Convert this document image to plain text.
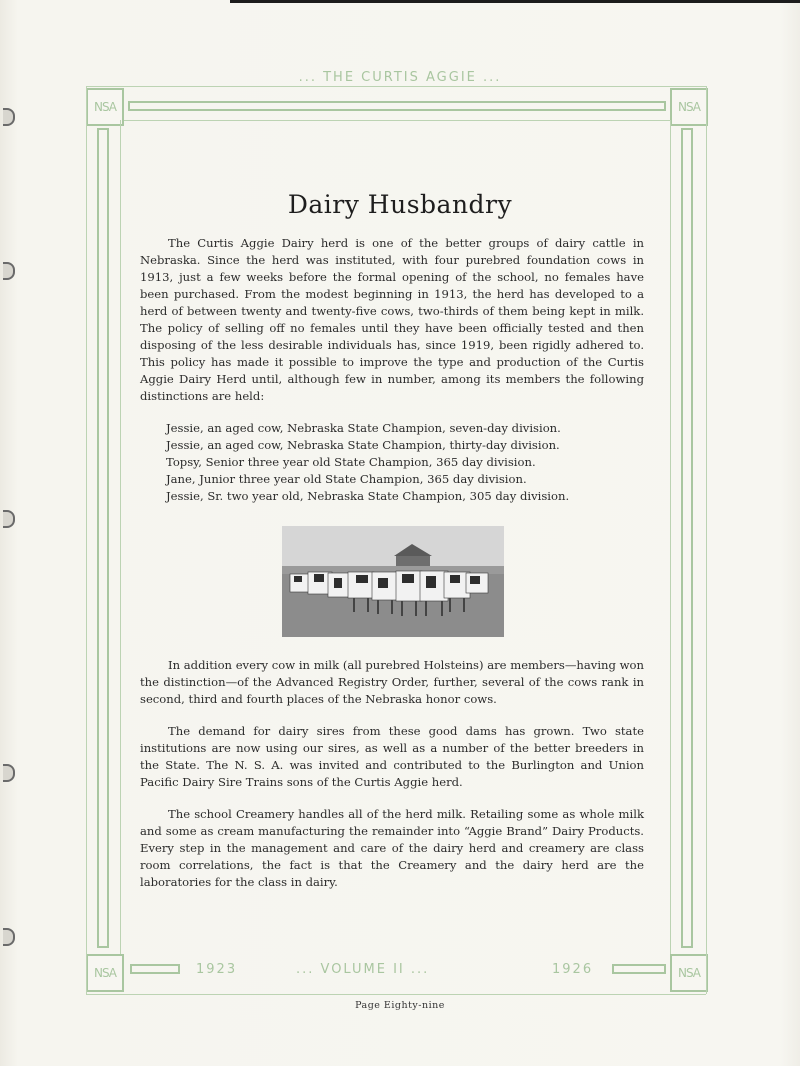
... THE CURTIS AGGIE ...
NSA	NSA
NSA	NSA
1923	... VOLUME II ...	1926
Dairy Husbandry

The Curtis Aggie Dairy herd is one of the better groups of dairy cattle in Nebraska. Since the herd was instituted, with four purebred foundation cows in 1913, just a few weeks before the formal opening of the school, no females have been purchased. From the modest beginning in 1913, the herd has developed to a herd of between twenty and twenty-five cows, two-thirds of them being kept in milk. The policy of selling off no females until they have been officially tested and then disposing of the less desirable individuals has, since 1919, been rigidly adhered to. This policy has made it possible to improve the type and production of the Curtis Aggie Dairy Herd until, although few in number, among its members the following distinctions are held:

Jessie, an aged cow, Nebraska State Champion, seven-day division.
Jessie, an aged cow, Nebraska State Champion, thirty-day division.
Topsy, Senior three year old State Champion, 365 day division.
Jane, Junior three year old State Champion, 365 day division.
Jessie, Sr. two year old, Nebraska State Champion, 305 day division.

In addition every cow in milk (all purebred Holsteins) are members—having won the distinction—of the Advanced Registry Order, further, several of the cows rank in second, third and fourth places of the Nebraska honor cows.

The demand for dairy sires from these good dams has grown. Two state institutions are now using our sires, as well as a number of the better breeders in the State. The N. S. A. was invited and contributed to the Burlington and Union Pacific Dairy Sire Trains sons of the Curtis Aggie herd.

The school Creamery handles all of the herd milk. Retailing some as whole milk and some as cream manufacturing the remainder into “Aggie Brand” Dairy Products. Every step in the management and care of the dairy herd and creamery are class room correlations, the fact is that the Creamery and the dairy herd are the laboratories for the class in dairy.

Page Eighty-nine
